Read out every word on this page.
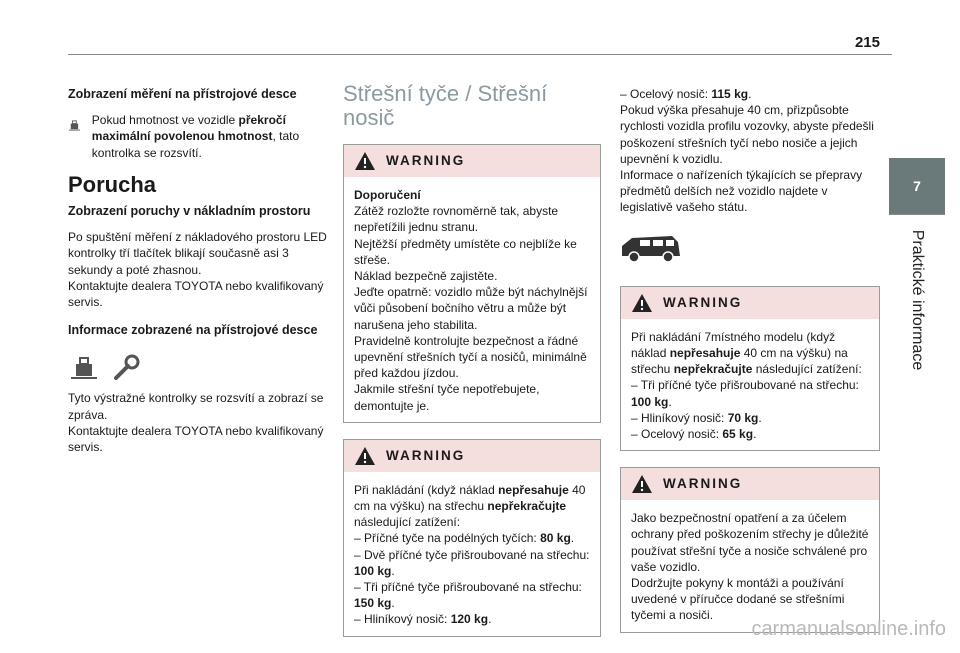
215
7
Praktické informace
Zobrazení měření na přístrojové desce

Pokud hmotnost ve vozidle překročí maximální povolenou hmotnost, tato kontrolka se rozsvítí.

Porucha
Zobrazení poruchy v nákladním prostoru

Po spuštění měření z nákladového prostoru LED kontrolky tří tlačítek blikají současně asi 3 sekundy a poté zhasnou.
Kontaktujte dealera TOYOTA nebo kvalifikovaný servis.

Informace zobrazené na přístrojové desce

Tyto výstražné kontrolky se rozsvítí a zobrazí se zpráva.
Kontaktujte dealera TOYOTA nebo kvalifikovaný servis.

Střešní tyče / Střešní nosič
WARNING

Doporučení

Zátěž rozložte rovnoměrně tak, abyste nepřetížili jednu stranu.
Nejtěžší předměty umístěte co nejblíže ke střeše.
Náklad bezpečně zajistěte.
Jeďte opatrně: vozidlo může být náchylnější vůči působení bočního větru a může být narušena jeho stabilita.
Pravidelně kontrolujte bezpečnost a řádné upevnění střešních tyčí a nosičů, minimálně před každou jízdou.
Jakmile střešní tyče nepotřebujete, demontujte je.

WARNING

Při nakládání (když náklad nepřesahuje 40 cm na výšku) na střechu nepřekračujte následující zatížení:

– Příčné tyče na podélných tyčích: 80 kg.

– Dvě příčné tyče přišroubované na střechu: 100 kg.

– Tři příčné tyče přišroubované na střechu: 150 kg.

– Hliníkový nosič: 120 kg.

– Ocelový nosič: 115 kg.

Pokud výška přesahuje 40 cm, přizpůsobte rychlosti vozidla profilu vozovky, abyste předešli poškození střešních tyčí nebo nosiče a jejich upevnění k vozidlu.
Informace o nařízeních týkajících se přepravy předmětů delších než vozidlo najdete v legislativě vašeho státu.

WARNING

Při nakládání 7místného modelu (když náklad nepřesahuje 40 cm na výšku) na střechu nepřekračujte následující zatížení:

– Tři příčné tyče přišroubované na střechu: 100 kg.

– Hliníkový nosič: 70 kg.

– Ocelový nosič: 65 kg.

WARNING

Jako bezpečnostní opatření a za účelem ochrany před poškozením střechy je důležité používat střešní tyče a nosiče schválené pro vaše vozidlo.
Dodržujte pokyny k montáži a používání uvedené v příručce dodané se střešními tyčemi a nosiči.

carmanualsonline.info
